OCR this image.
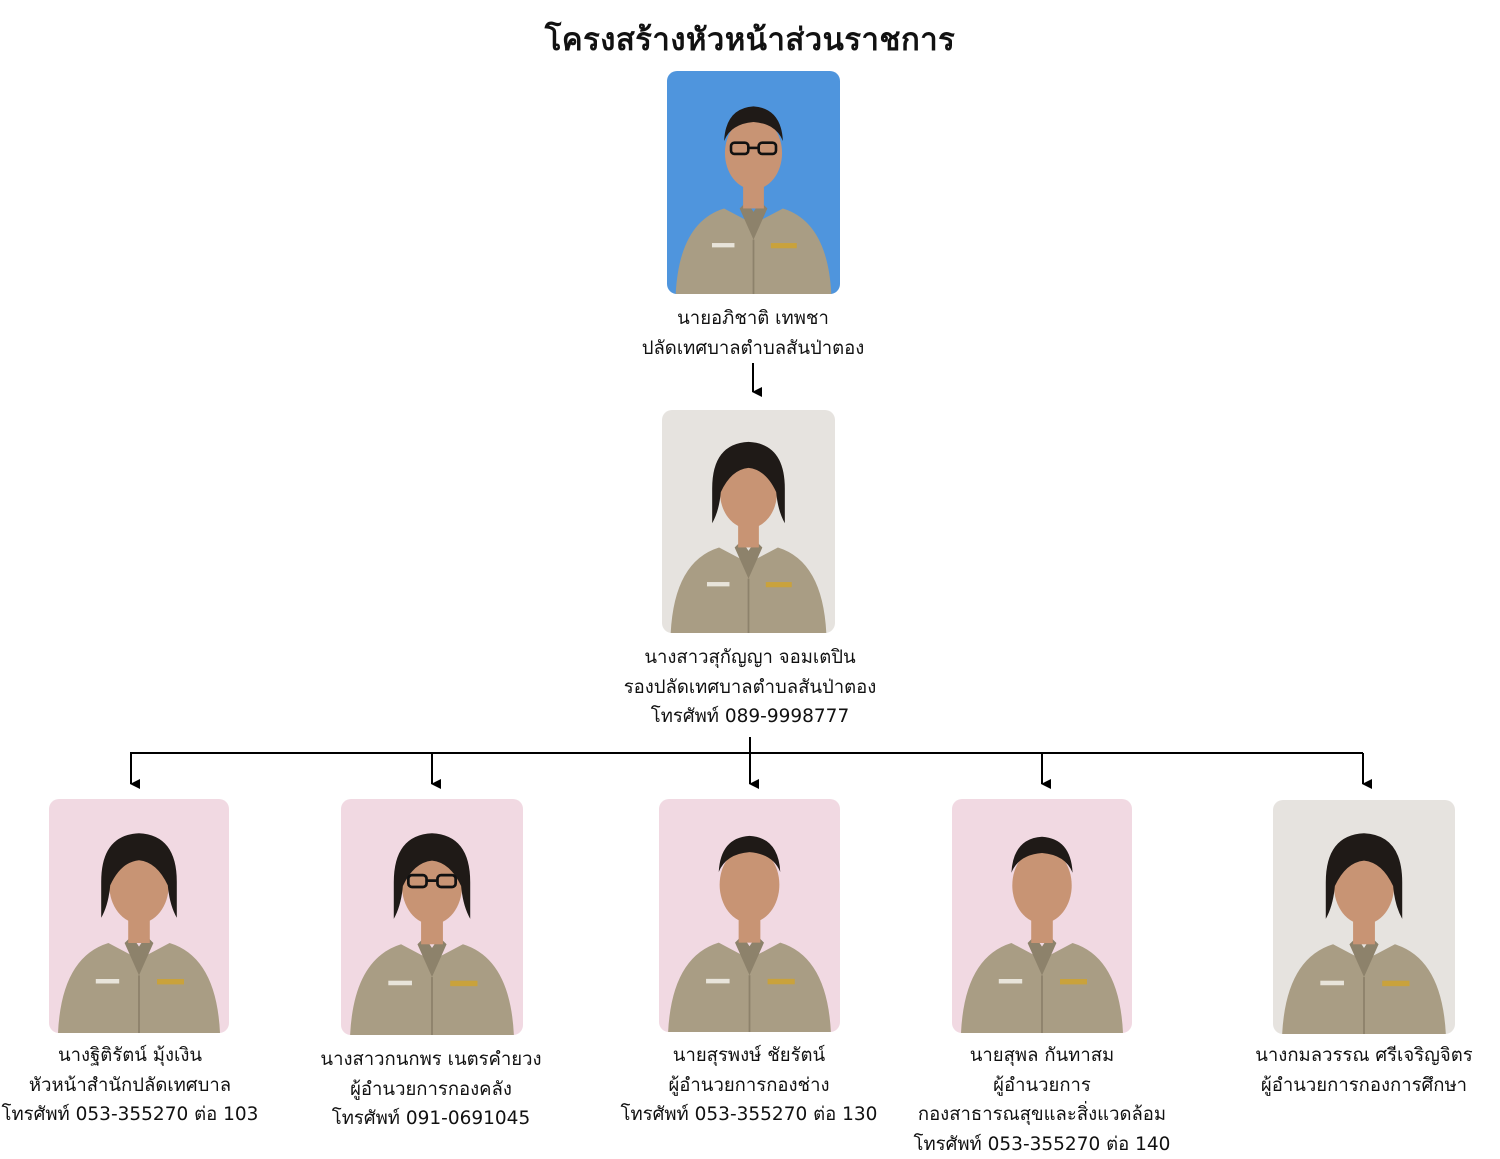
โครงสร้างหัวหน้าส่วนราชการ
นายอภิชาติ เทพชา
ปลัดเทศบาลตำบลสันป่าตอง
นางสาวสุกัญญา จอมเตปิน
รองปลัดเทศบาลตำบลสันป่าตอง
โทรศัพท์ 089-9998777
นางฐิติรัตน์ มุ้งเงิน
หัวหน้าสำนักปลัดเทศบาล
โทรศัพท์ 053-355270 ต่อ 103
นางสาวกนกพร เนตรคำยวง
ผู้อำนวยการกองคลัง
โทรศัพท์ 091-0691045
นายสุรพงษ์ ชัยรัตน์
ผู้อำนวยการกองช่าง
โทรศัพท์ 053-355270 ต่อ 130
นายสุพล กันทาสม
ผู้อำนวยการ
กองสาธารณสุขและสิ่งแวดล้อม
โทรศัพท์ 053-355270 ต่อ 140
นางกมลวรรณ ศรีเจริญจิตร
ผู้อำนวยการกองการศึกษา
